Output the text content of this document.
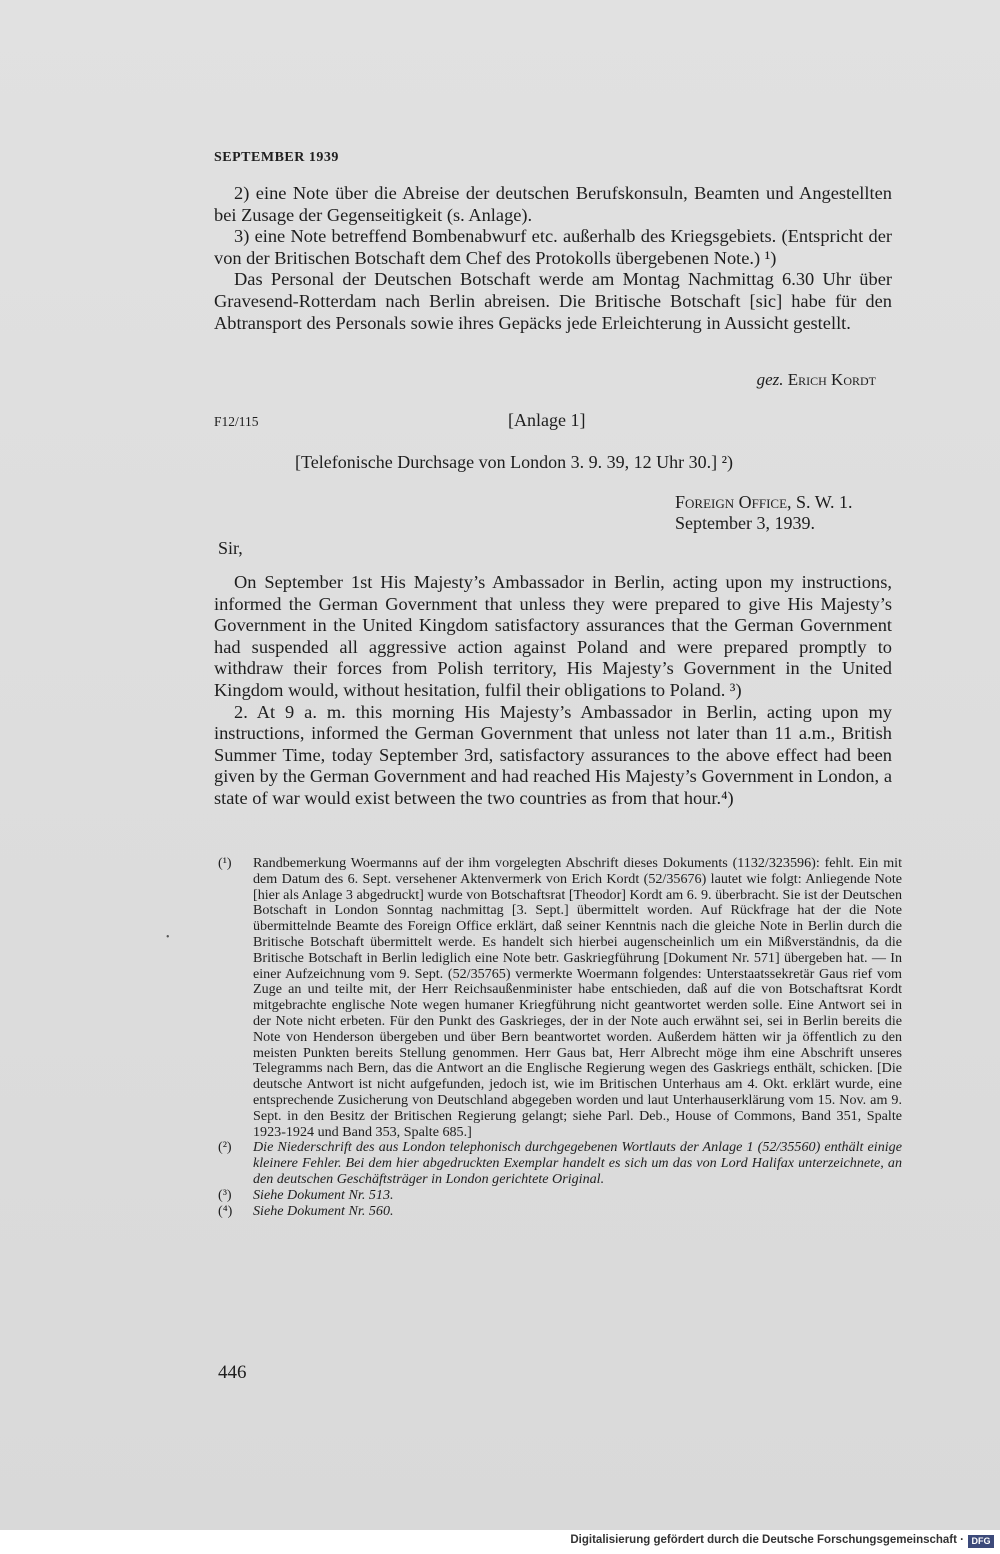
SEPTEMBER 1939

2) eine Note über die Abreise der deutschen Berufskonsuln, Beamten und Angestellten bei Zusage der Gegenseitigkeit (s. Anlage).

3) eine Note betreffend Bombenabwurf etc. außerhalb des Kriegsgebiets. (Entspricht der von der Britischen Botschaft dem Chef des Protokolls übergebenen Note.) ¹)

Das Personal der Deutschen Botschaft werde am Montag Nachmittag 6.30 Uhr über Gravesend-Rotterdam nach Berlin abreisen. Die Britische Botschaft [sic] habe für den Abtransport des Personals sowie ihres Gepäcks jede Erleichterung in Aussicht gestellt.

gez. Erich Kordt
F12/115	[Anlage 1]
[Telefonische Durchsage von London 3. 9. 39, 12 Uhr 30.] ²)
Foreign Office, S. W. 1.
September 3, 1939.
Sir,

On September 1st His Majesty’s Ambassador in Berlin, acting upon my instructions, informed the German Government that unless they were prepared to give His Majesty’s Government in the United Kingdom satisfactory assurances that the German Government had suspended all aggressive action against Poland and were prepared promptly to withdraw their forces from Polish territory, His Majesty’s Government in the United Kingdom would, without hesitation, fulfil their obligations to Poland. ³)

2. At 9 a. m. this morning His Majesty’s Ambassador in Berlin, acting upon my instructions, informed the German Government that unless not later than 11 a.m., British Summer Time, today September 3rd, satisfactory assurances to the above effect had been given by the German Government and had reached His Majesty’s Government in London, a state of war would exist between the two countries as from that hour.⁴)

•

(¹) Randbemerkung Woermanns auf der ihm vorgelegten Abschrift dieses Dokuments (1132/323596): fehlt. Ein mit dem Datum des 6. Sept. versehener Aktenvermerk von Erich Kordt (52/35676) lautet wie folgt: Anliegende Note [hier als Anlage 3 abgedruckt] wurde von Botschaftsrat [Theodor] Kordt am 6. 9. überbracht. Sie ist der Deutschen Botschaft in London Sonntag nachmittag [3. Sept.] übermittelt worden. Auf Rückfrage hat der die Note übermittelnde Beamte des Foreign Office erklärt, daß seiner Kenntnis nach die gleiche Note in Berlin durch die Britische Botschaft übermittelt werde. Es handelt sich hierbei augenscheinlich um ein Mißverständnis, da die Britische Botschaft in Berlin lediglich eine Note betr. Gaskriegführung [Dokument Nr. 571] übergeben hat. — In einer Aufzeichnung vom 9. Sept. (52/35765) vermerkte Woermann folgendes: Unterstaatssekretär Gaus rief vom Zuge an und teilte mit, der Herr Reichsaußenminister habe entschieden, daß auf die von Botschaftsrat Kordt mitgebrachte englische Note wegen humaner Kriegführung nicht geantwortet werden solle. Eine Antwort sei in der Note nicht erbeten. Für den Punkt des Gaskrieges, der in der Note auch erwähnt sei, sei in Berlin bereits die Note von Henderson übergeben und über Bern beantwortet worden. Außerdem hätten wir ja öffentlich zu den meisten Punkten bereits Stellung genommen. Herr Gaus bat, Herr Albrecht möge ihm eine Abschrift unseres Telegramms nach Bern, das die Antwort an die Englische Regierung wegen des Gaskriegs enthält, schicken. [Die deutsche Antwort ist nicht aufgefunden, jedoch ist, wie im Britischen Unterhaus am 4. Okt. erklärt wurde, eine entsprechende Zusicherung von Deutschland abgegeben worden und laut Unterhauserklärung vom 15. Nov. am 9. Sept. in den Besitz der Britischen Regierung gelangt; siehe Parl. Deb., House of Commons, Band 351, Spalte 1923-1924 und Band 353, Spalte 685.]

(²) Die Niederschrift des aus London telephonisch durchgegebenen Wortlauts der Anlage 1 (52/35560) enthält einige kleinere Fehler. Bei dem hier abgedruckten Exemplar handelt es sich um das von Lord Halifax unterzeichnete, an den deutschen Geschäftsträger in London gerichtete Original.

(³) Siehe Dokument Nr. 513.

(⁴) Siehe Dokument Nr. 560.

446
Digitalisierung gefördert durch die Deutsche Forschungsgemeinschaft · DFG
